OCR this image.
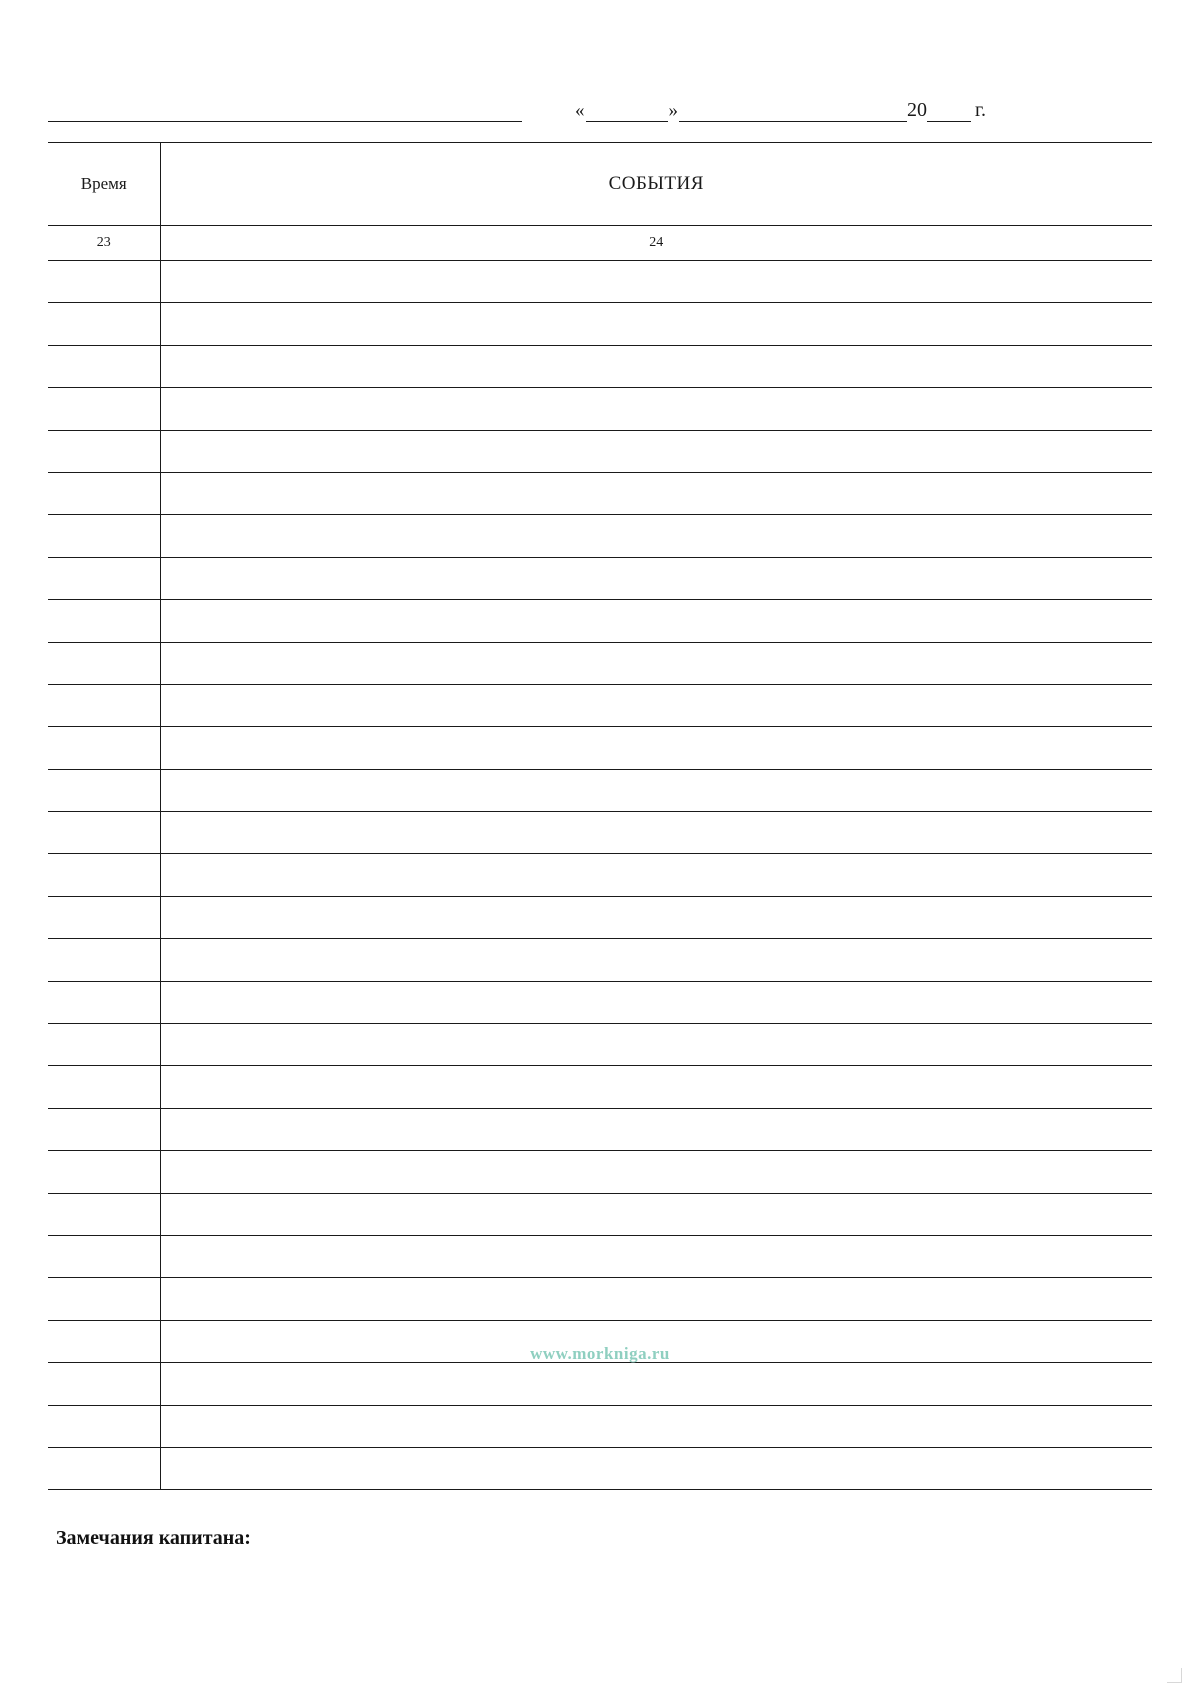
«	»	20 г.
Время	СОБЫТИЯ
23	24

www.morkniga.ru
Замечания капитана:
